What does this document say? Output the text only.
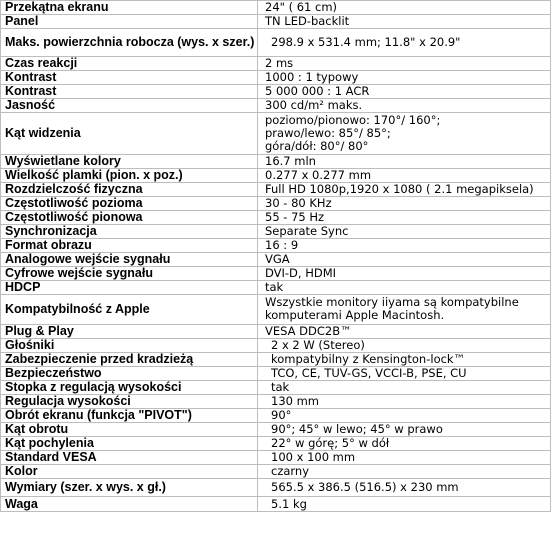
Przekątna ekranu	24" ( 61 cm)

Panel	TN LED-backlit

Maks. powierzchnia robocza (wys. x szer.)	298.9 x 531.4 mm; 11.8" x 20.9"

Czas reakcji	2 ms

Kontrast	1000 : 1 typowy

Kontrast	5 000 000 : 1 ACR

Jasność	300 cd/m² maks.

Kąt widzenia	poziomo/pionowo: 170°/ 160°;
prawo/lewo: 85°/ 85°;
góra/dół: 80°/ 80°

Wyświetlane kolory	16.7 mln

Wielkość plamki (pion. x poz.)	0.277 x 0.277 mm

Rozdzielczość fizyczna	Full HD 1080p,1920 x 1080 ( 2.1 megapiksela)

Częstotliwość pozioma	30 - 80 KHz

Częstotliwość pionowa	55 - 75 Hz

Synchronizacja	Separate Sync

Format obrazu	16 : 9

Analogowe wejście sygnału	VGA

Cyfrowe wejście sygnału	DVI-D, HDMI

HDCP	tak

Kompatybilność z Apple	Wszystkie monitory iiyama są kompatybilne
komputerami Apple Macintosh.

Plug & Play	VESA DDC2B™

Głośniki	2 x 2 W (Stereo)

Zabezpieczenie przed kradzieżą	kompatybilny z Kensington-lock™

Bezpieczeństwo	TCO, CE, TUV-GS, VCCI-B, PSE, CU

Stopka z regulacją wysokości	tak

Regulacja wysokości	130 mm

Obrót ekranu (funkcja "PIVOT")	90°

Kąt obrotu	90°; 45° w lewo; 45° w prawo

Kąt pochylenia	22° w górę; 5° w dół

Standard VESA	100 x 100 mm

Kolor	czarny

Wymiary (szer. x wys. x gł.)	565.5 x 386.5 (516.5) x 230 mm

Waga	5.1 kg
